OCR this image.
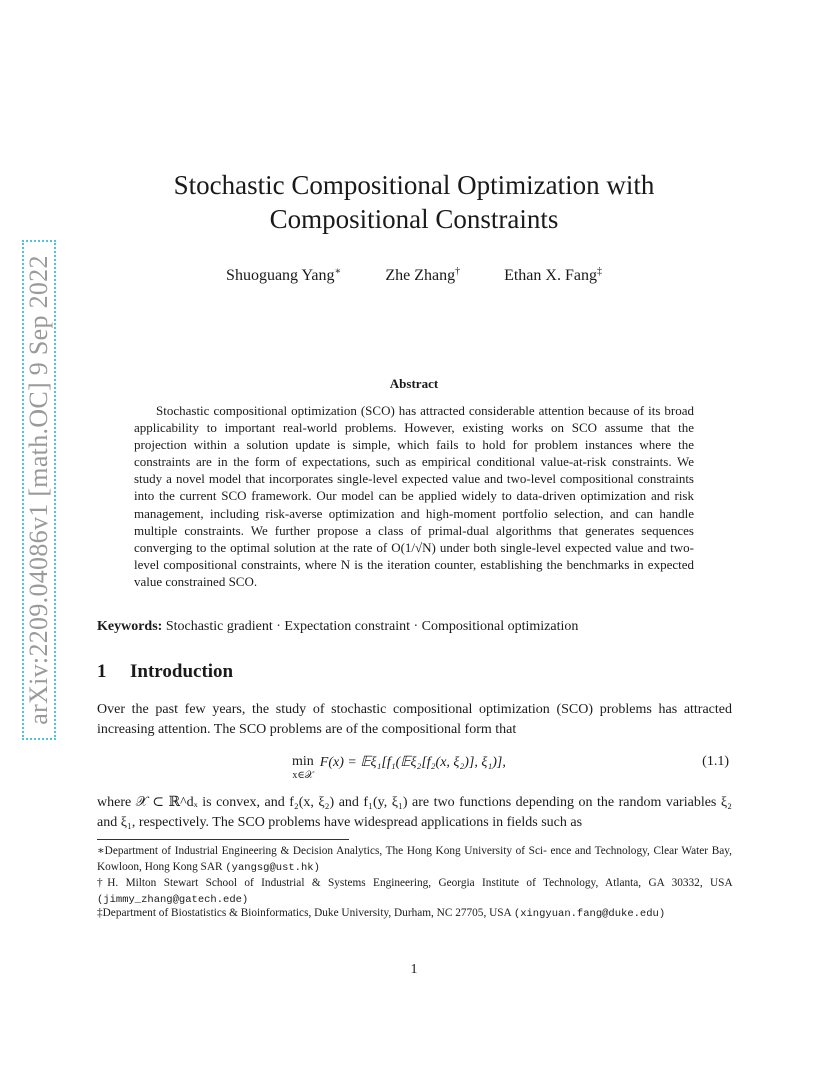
arXiv:2209.04086v1 [math.OC] 9 Sep 2022
Stochastic Compositional Optimization with
Compositional Constraints
Shuoguang Yang∗	Zhe Zhang†	Ethan X. Fang‡
Abstract
Stochastic compositional optimization (SCO) has attracted considerable attention because of its broad applicability to important real-world problems. However, existing works on SCO assume that the projection within a solution update is simple, which fails to hold for problem instances where the constraints are in the form of expectations, such as empirical conditional value-at-risk constraints. We study a novel model that incorporates single-level expected value and two-level compositional constraints into the current SCO framework. Our model can be applied widely to data-driven optimization and risk management, including risk-averse optimization and high-moment portfolio selection, and can handle multiple constraints. We further propose a class of primal-dual algorithms that generates sequences converging to the optimal solution at the rate of O(1/√N) under both single-level expected value and two-level compositional constraints, where N is the iteration counter, establishing the benchmarks in expected value constrained SCO.
Keywords: Stochastic gradient · Expectation constraint · Compositional optimization
1 Introduction
Over the past few years, the study of stochastic compositional optimization (SCO) problems has attracted increasing attention. The SCO problems are of the compositional form that
min
x∈𝒳
F(x) = 𝔼ξ₁[f₁(𝔼ξ₂[f₂(x, ξ₂)], ξ₁)],	(1.1)
where 𝒳 ⊂ ℝ^dₓ is convex, and f₂(x, ξ₂) and f₁(y, ξ₁) are two functions depending on the random variables ξ₂ and ξ₁, respectively. The SCO problems have widespread applications in fields such as
∗Department of Industrial Engineering & Decision Analytics, The Hong Kong University of Sci- ence and Technology, Clear Water Bay, Kowloon, Hong Kong SAR (yangsg@ust.hk)
†H. Milton Stewart School of Industrial & Systems Engineering, Georgia Institute of Technology, Atlanta, GA 30332, USA (jimmy_zhang@gatech.ede)
‡Department of Biostatistics & Bioinformatics, Duke University, Durham, NC 27705, USA (xingyuan.fang@duke.edu)
1
